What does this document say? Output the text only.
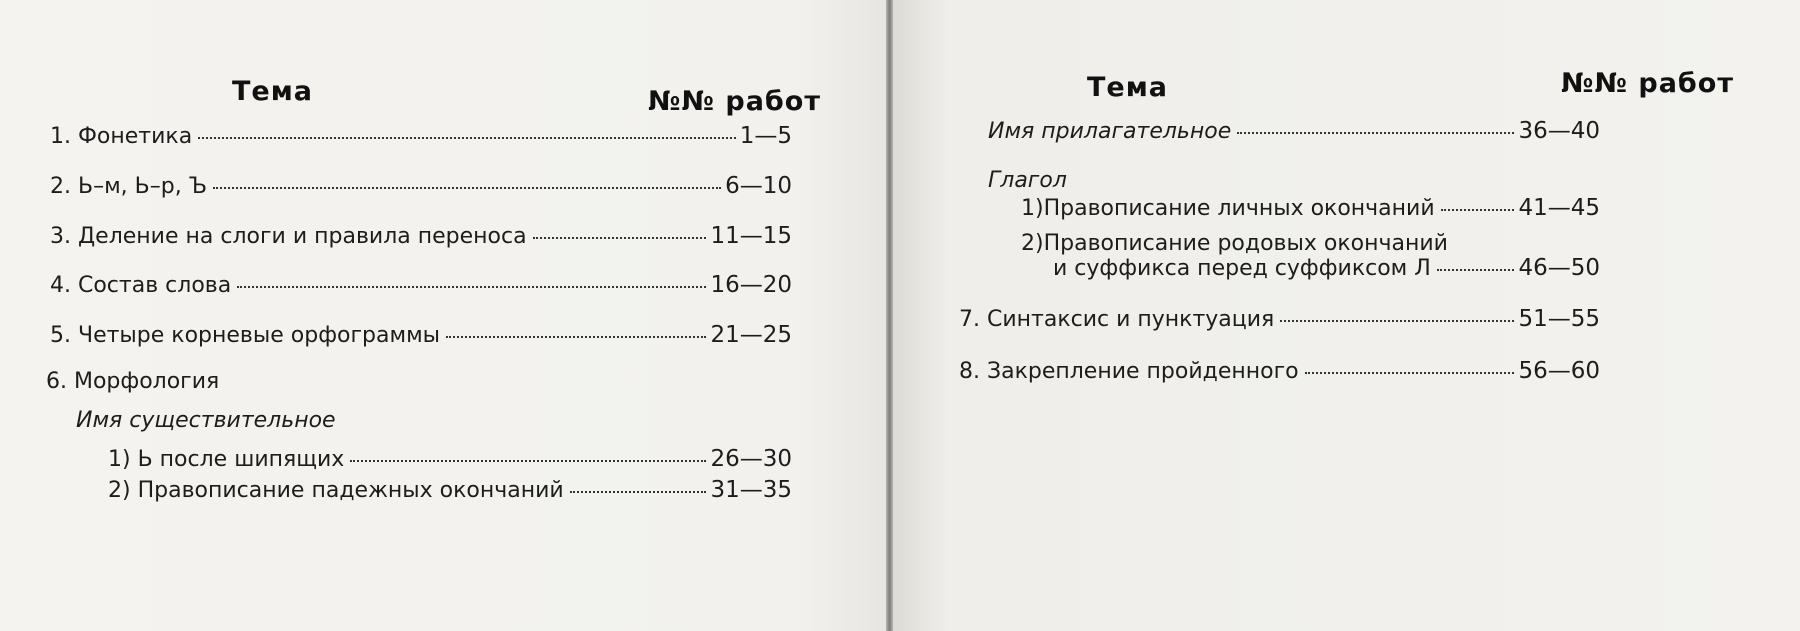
Тема	№№ работ
1. Фонетика	1—5
2. Ь–м, Ь–р, Ъ	6—10
3. Деление на слоги и правила переноса	11—15
4. Состав слова	16—20
5. Четыре корневые орфограммы	21—25
6. Морфология
Имя существительное
1) Ь после шипящих	26—30
2) Правописание падежных окончаний	31—35
Тема	№№ работ
Имя прилагательное	36—40
Глагол
1)Правописание личных окончаний	41—45
2)Правописание родовых окончаний
и суффикса перед суффиксом Л	46—50
7. Синтаксис и пунктуация	51—55
8. Закрепление пройденного	56—60
